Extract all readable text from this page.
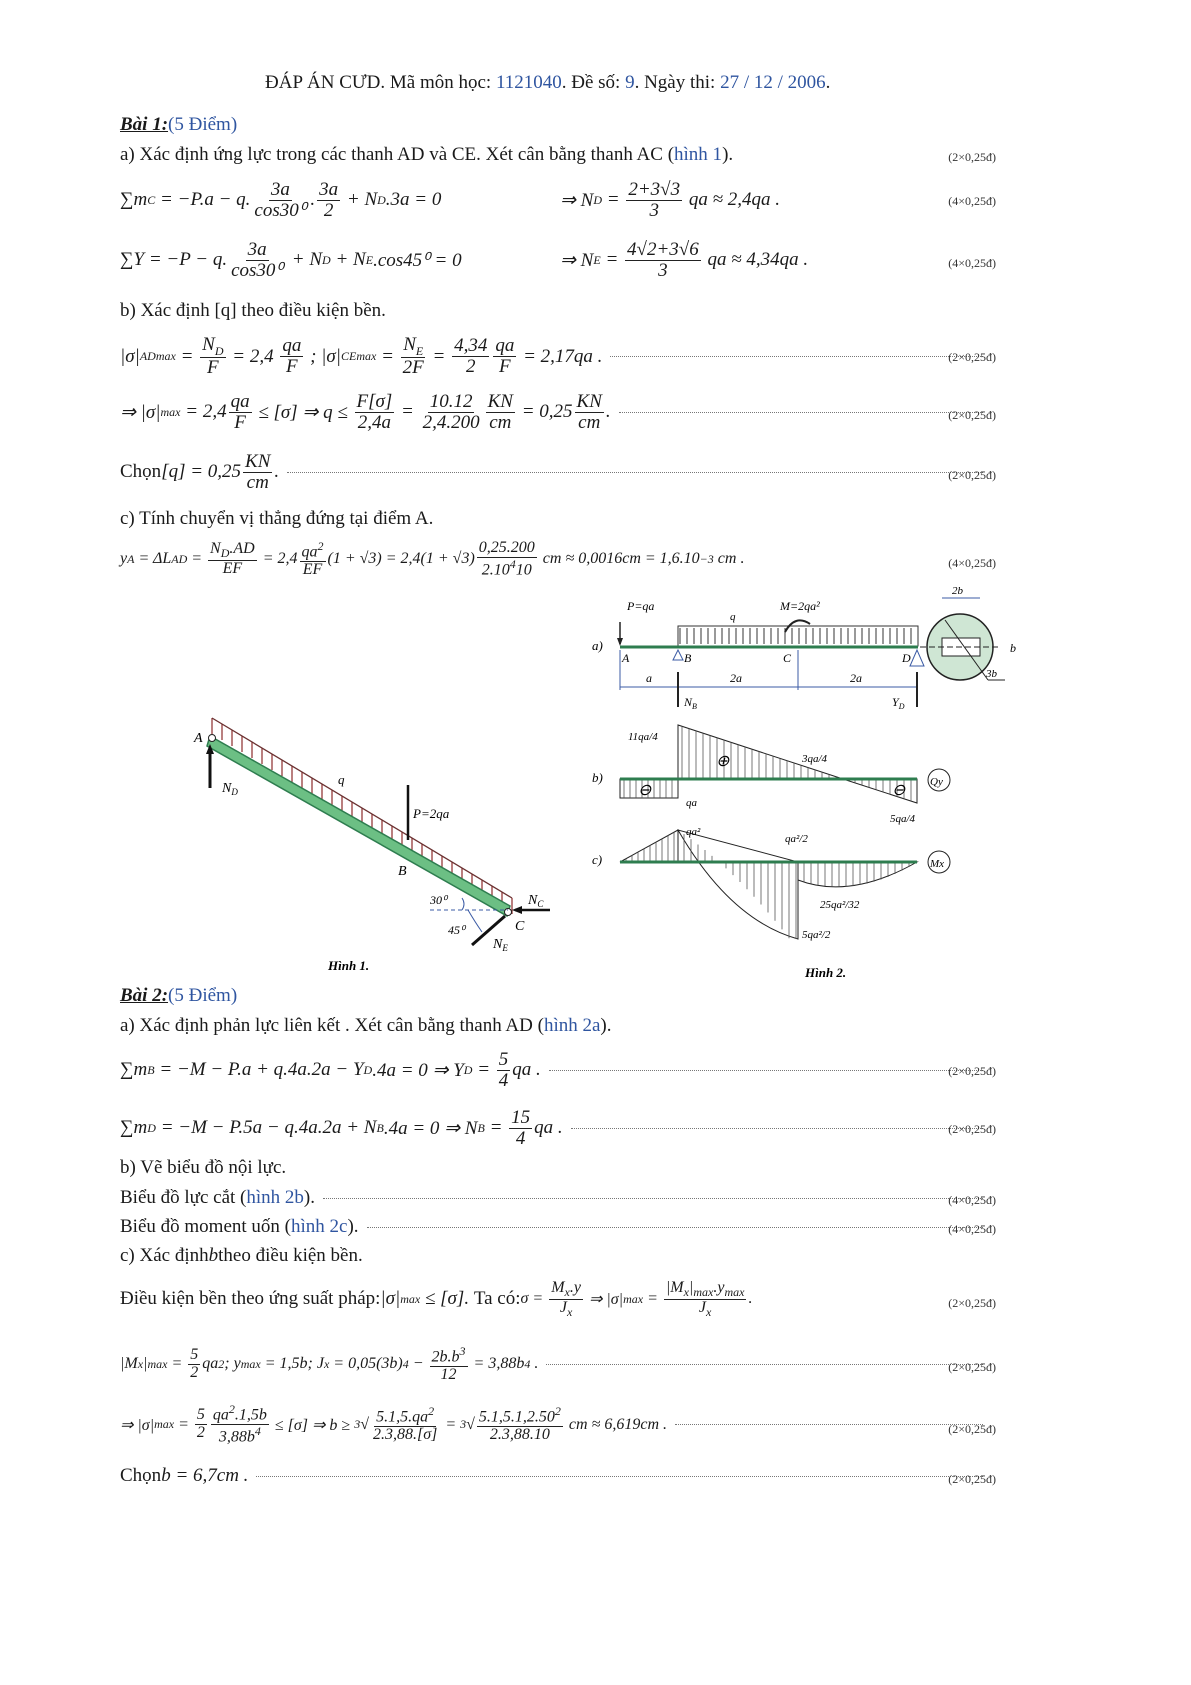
ĐÁP ÁN CƯD. Mã môn học: 1121040. Đề số: 9. Ngày thi: 27 / 12 / 2006.
Bài 1:(5 Điểm)
a) Xác định ứng lực trong các thanh AD và CE. Xét cân bằng thanh AC ( hình 1 ).	(2×0,25đ)
∑m C = −P.a − q. $\frac{3a}{\text{cos30⁰}}$ . $\frac{3a}{2} + N$ D .3a = 0	⇒ N $D = \frac{2+3√3}{3}$ qa ≈ 2,4qa .	(4×0,25đ)
∑Y = −P − q. $\frac{3a}{\text{cos30⁰}} + N$ D + N E .cos45⁰ = 0	⇒ N $E = \frac{4√2+3√6}{3}$ qa ≈ 4,34qa .	(4×0,25đ)
b) Xác định [q] theo điều kiện bền.
|σ| AD $\max = \frac{N_D}{F} = 2,4 \frac{qa}{F}$ ; |σ| CE $\max = \frac{N_E}{2F} = \frac{4,34}{2} \frac{qa}{F} = 2,17qa$ .	(2×0,25đ)
⇒ |σ| $\max = 2,4 \frac{qa}{F} \le [\sigma]$ ⇒ $q \le \frac{F[\sigma]}{2,4a} = \frac{10.12}{2,4.200} \frac{KN}{cm} = 0,25 \frac{KN}{cm}$ .	(2×0,25đ)
Chọn $[q] = 0,25 \frac{KN}{cm}$ .	(2×0,25đ)
c) Tính chuyển vị thẳng đứng tại điểm A.
y A = ΔL AD = $\frac{N_D.AD}{EF} = 2,4 \frac{qa^2}{EF} (1 + √3) = 2,4(1 + √3) \frac{0,25.200}{2.10^410}$ cm ≈ 0,0016cm = 1,6.10 −3 cm .	(4×0,25đ)
A
B
C
q
P=2qa
$N_D$
$N_C$
$N_E$
30⁰
45⁰
Hình 1.
a)
P=qa
q
M=2qa²
A	B	C	D
a	2a	2a
$N_B$	$Y_D$
2b
b
3b
b)
11qa/4
3qa/4
qa
5qa/4
⊕
⊖	⊖ Qy
c)
qa²
qa²/2
25qa²/32
5qa²/2
Mx
Hình 2.
Bài 2:(5 Điểm)
a) Xác định phản lực liên kết . Xét cân bằng thanh AD ( hình 2a ).
∑m B = −M − P.a + q.4a.2a − Y D .4a = 0 ⇒ Y $D = \frac{5}{4}$ qa .	(2×0,25đ)
∑m D = −M − P.5a − q.4a.2a + N B .4a = 0 ⇒ N $B = \frac{15}{4}$ qa .	(2×0,25đ)
b) Vẽ biểu đồ nội lực.
Biểu đồ lực cắt ( hình 2b ).	(4×0,25đ)
Biểu đồ moment uốn ( hình 2c ).	(4×0,25đ)
c) Xác định b theo điều kiện bền.
Điều kiện bền theo ứng suất pháp: |σ| max ≤ [σ]. Ta có: $\sigma = \frac{M_x.y}{J_x}$ ⇒ |σ| $\max = \frac{|M_x|_{max}.y_{max}}{J_x}$ .	(2×0,25đ)
|M x | $\max = \frac{5}{2}$ qa 2 ; y max = 1,5b; J x = 0,05(3b) $4 - \frac{2b.b^3}{12} = 3,88b$ 4 .	(2×0,25đ)
⇒ |σ| $\max = \frac{5}{2} \frac{qa^2.1,5b}{3,88b^4} \le [\sigma]$ ⇒ b ≥ 3 √ $\frac{5.1,5.qa^2}{2.3,88.[\sigma]} = 3$ √ $\frac{5.1,5.1,2.50^2}{2.3,88.10}$ cm ≈ 6,619cm .	(2×0,25đ)
Chọn b = 6,7cm .	(2×0,25đ)
